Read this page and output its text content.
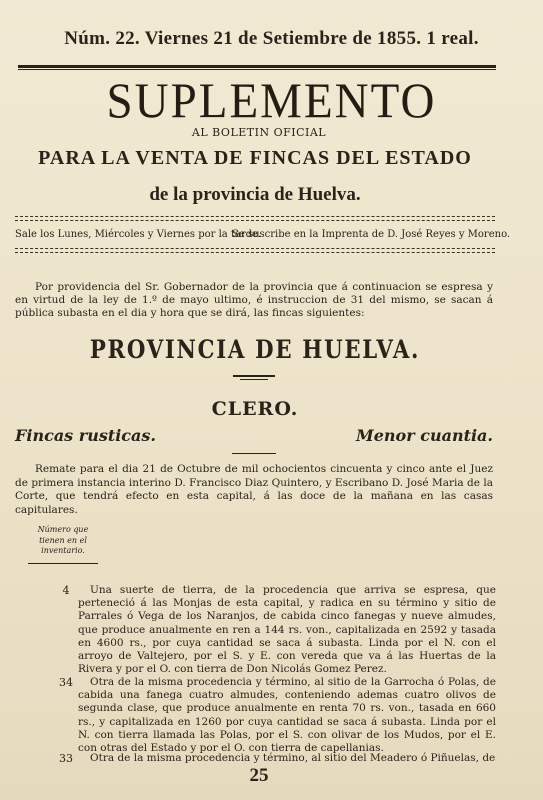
Núm. 22. Viernes 21 de Setiembre de 1855. 1 real.
SUPLEMENTO
AL BOLETIN OFICIAL
PARA LA VENTA DE FINCAS DEL ESTADO
de la provincia de Huelva.
Sale los Lunes, Miércoles y Viernes por la tarde.
Se suscribe en la Imprenta de D. José Reyes y Moreno.
Por providencia del Sr. Gobernador de la provincia que á continuacion se espresa y en virtud de la ley de 1.º de mayo ultimo, é instruccion de 31 del mismo, se sacan á pública subasta en el dia y hora que se dirá, las fincas siguientes:
PROVINCIA DE HUELVA.
CLERO.
Fincas rusticas.	Menor cuantia.
Remate para el dia 21 de Octubre de mil ochocientos cincuenta y cinco ante el Juez de primera instancia interino D. Francisco Diaz Quintero, y Escribano D. José Maria de la Corte, que tendrá efecto en esta capital, á las doce de la mañana en las casas capitulares.
Número que tienen en el inventario.
4	Una suerte de tierra, de la procedencia que arriva se espresa, que perteneció á las Monjas de esta capital, y radica en su término y sitio de Parrales ó Vega de los Naranjos, de cabida cinco fanegas y nueve almudes, que produce anualmente en ren a 144 rs. von., capitalizada en 2592 y tasada en 4600 rs., por cuya cantidad se saca á subasta. Linda por el N. con el arroyo de Valtejero, por el S. y E. con vereda que va á las Huertas de la Rivera y por el O. con tierra de Don Nicolás Gomez Perez.
34	Otra de la misma procedencia y término, al sitio de la Garrocha ó Polas, de cabida una fanega cuatro almudes, conteniendo ademas cuatro olivos de segunda clase, que produce anualmente en renta 70 rs. von., tasada en 660 rs., y capitalizada en 1260 por cuya cantidad se saca á subasta. Linda por el N. con tierra llamada las Polas, por el S. con olivar de los Mudos, por el E. con otras del Estado y por el O. con tierra de capellanias.
33	Otra de la misma procedencia y término, al sitio del Meadero ó Piñuelas, de
25
